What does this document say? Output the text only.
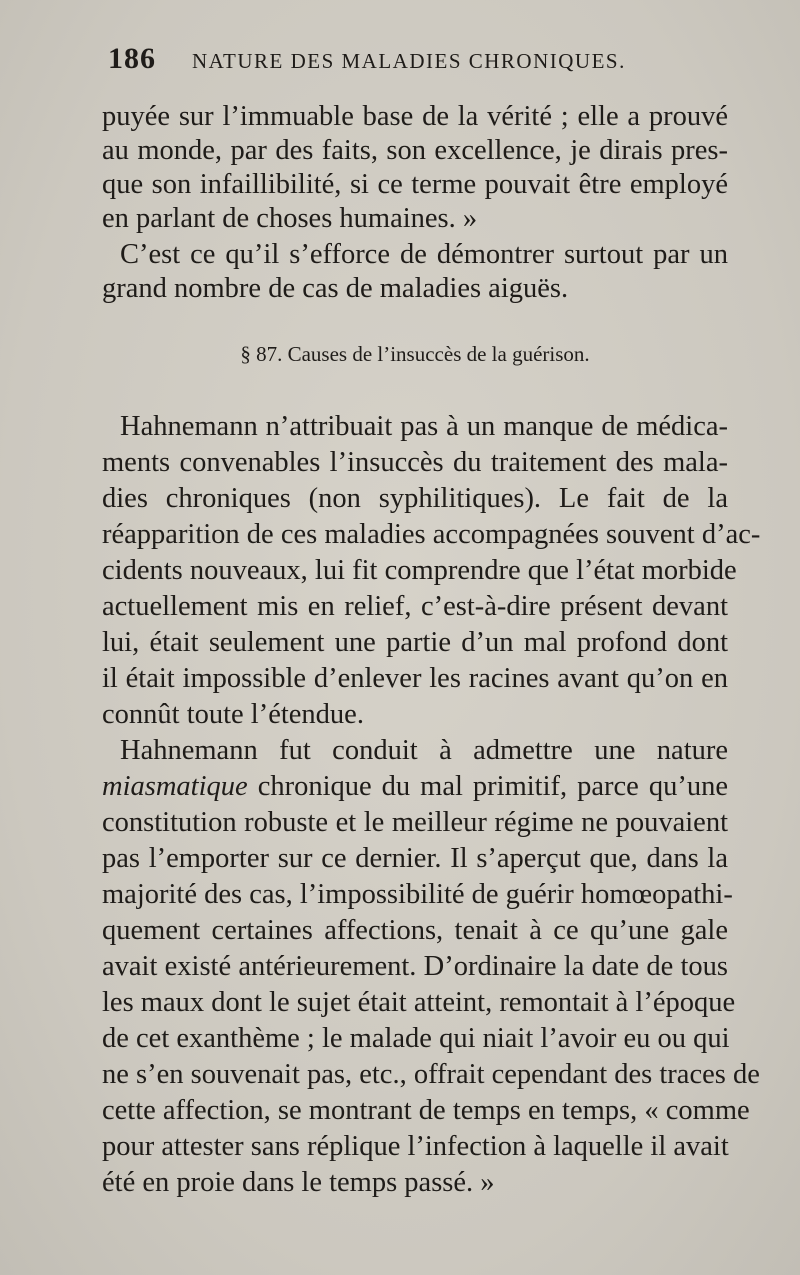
186 NATURE DES MALADIES CHRONIQUES.
puyée sur l’immuable base de la vérité ; elle a prouvé
au monde, par des faits, son excellence, je dirais pres-
que son infaillibilité, si ce terme pouvait être employé
en parlant de choses humaines. »
C’est ce qu’il s’efforce de démontrer surtout par un
grand nombre de cas de maladies aiguës.
§ 87. Causes de l’insuccès de la guérison.
Hahnemann n’attribuait pas à un manque de médica-
ments convenables l’insuccès du traitement des mala-
dies chroniques (non syphilitiques). Le fait de la
réapparition de ces maladies accompagnées souvent d’ac-
cidents nouveaux, lui fit comprendre que l’état morbide
actuellement mis en relief, c’est-à-dire présent devant
lui, était seulement une partie d’un mal profond dont
il était impossible d’enlever les racines avant qu’on en
connût toute l’étendue.
Hahnemann fut conduit à admettre une nature
miasmatique chronique du mal primitif, parce qu’une
constitution robuste et le meilleur régime ne pouvaient
pas l’emporter sur ce dernier. Il s’aperçut que, dans la
majorité des cas, l’impossibilité de guérir homœopathi-
quement certaines affections, tenait à ce qu’une gale
avait existé antérieurement. D’ordinaire la date de tous
les maux dont le sujet était atteint, remontait à l’époque
de cet exanthème ; le malade qui niait l’avoir eu ou qui
ne s’en souvenait pas, etc., offrait cependant des traces de
cette affection, se montrant de temps en temps, « comme
pour attester sans réplique l’infection à laquelle il avait
été en proie dans le temps passé. »
